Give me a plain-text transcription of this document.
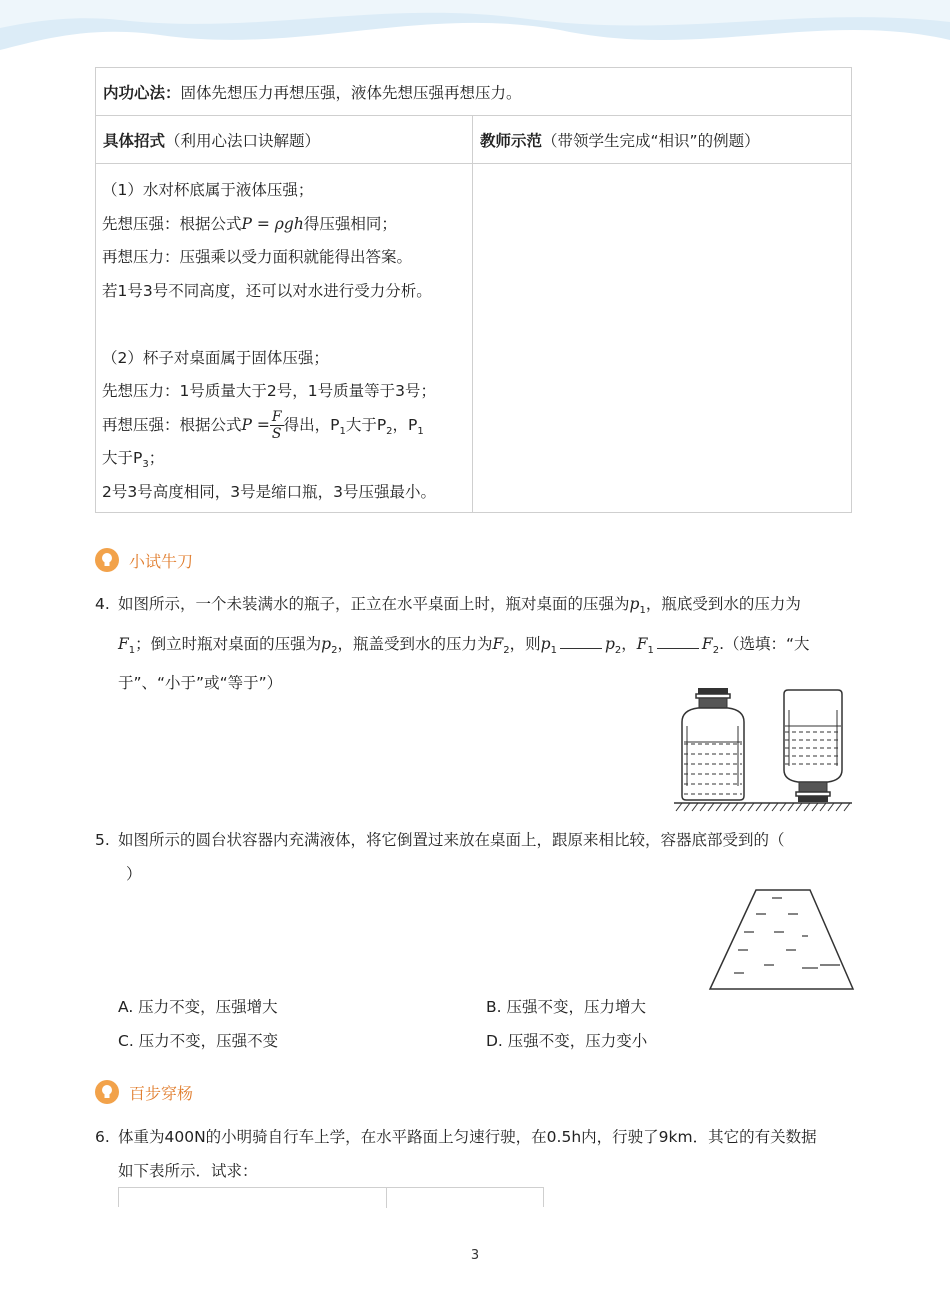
内功心法： 固体先想压力再想压强，液体先想压强再想压力。
具体招式 （利用心法口诀解题）	教师示范 （带领学生完成“相识”的例题）
（1）水对杯底属于液体压强；
先想压强：根据公式P = ρgh得压强相同；
再想压力：压强乘以受力面积就能得出答案。
若1号3号不同高度，还可以对水进行受力分析。
（2）杯子对桌面属于固体压强；
先想压力：1号质量大于2号，1号质量等于3号；
再想压强：根据公式$P = \frac{F}{S}$ 得出，$P_1$大于$P_2$，$P_1$
大于$P_3$；
2号3号高度相同，3号是缩口瓶，3号压强最小。
小试牛刀
4. 如图所示，一个未装满水的瓶子，正立在水平桌面上时，瓶对桌面的压强为$p_1$，瓶底受到水的压力为
$F_1$；倒立时瓶对桌面的压强为$p_2$，瓶盖受到水的压力为$F_2$，则$p_1$	$p_2$，$F_1$	$F_2$.（选填：“大
于”、“小于”或“等于”）
5. 如图所示的圆台状容器内充满液体，将它倒置过来放在桌面上，跟原来相比较，容器底部受到的（
）
A. 压力不变，压强增大	B. 压强不变，压力增大
C. 压力不变，压强不变	D. 压强不变，压力变小
百步穿杨
6. 体重为400N的小明骑自行车上学，在水平路面上匀速行驶，在0.5h内，行驶了9km．其它的有关数据
如下表所示．试求：
3
